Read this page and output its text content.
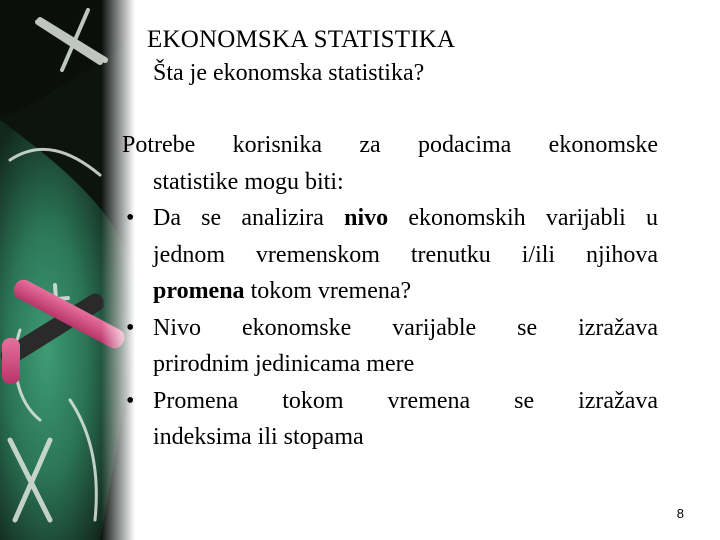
EKONOMSKA STATISTIKA
Šta je ekonomska statistika?
Potrebe korisnika za podacima ekonomske
statistike mogu biti:
• Da se analizira nivo ekonomskih varijabli u
jednom vremenskom trenutku i/ili njihova
promena tokom vremena?
• Nivo ekonomske varijable se izražava
prirodnim jedinicama mere
• Promena tokom vremena se izražava
indeksima ili stopama
8
